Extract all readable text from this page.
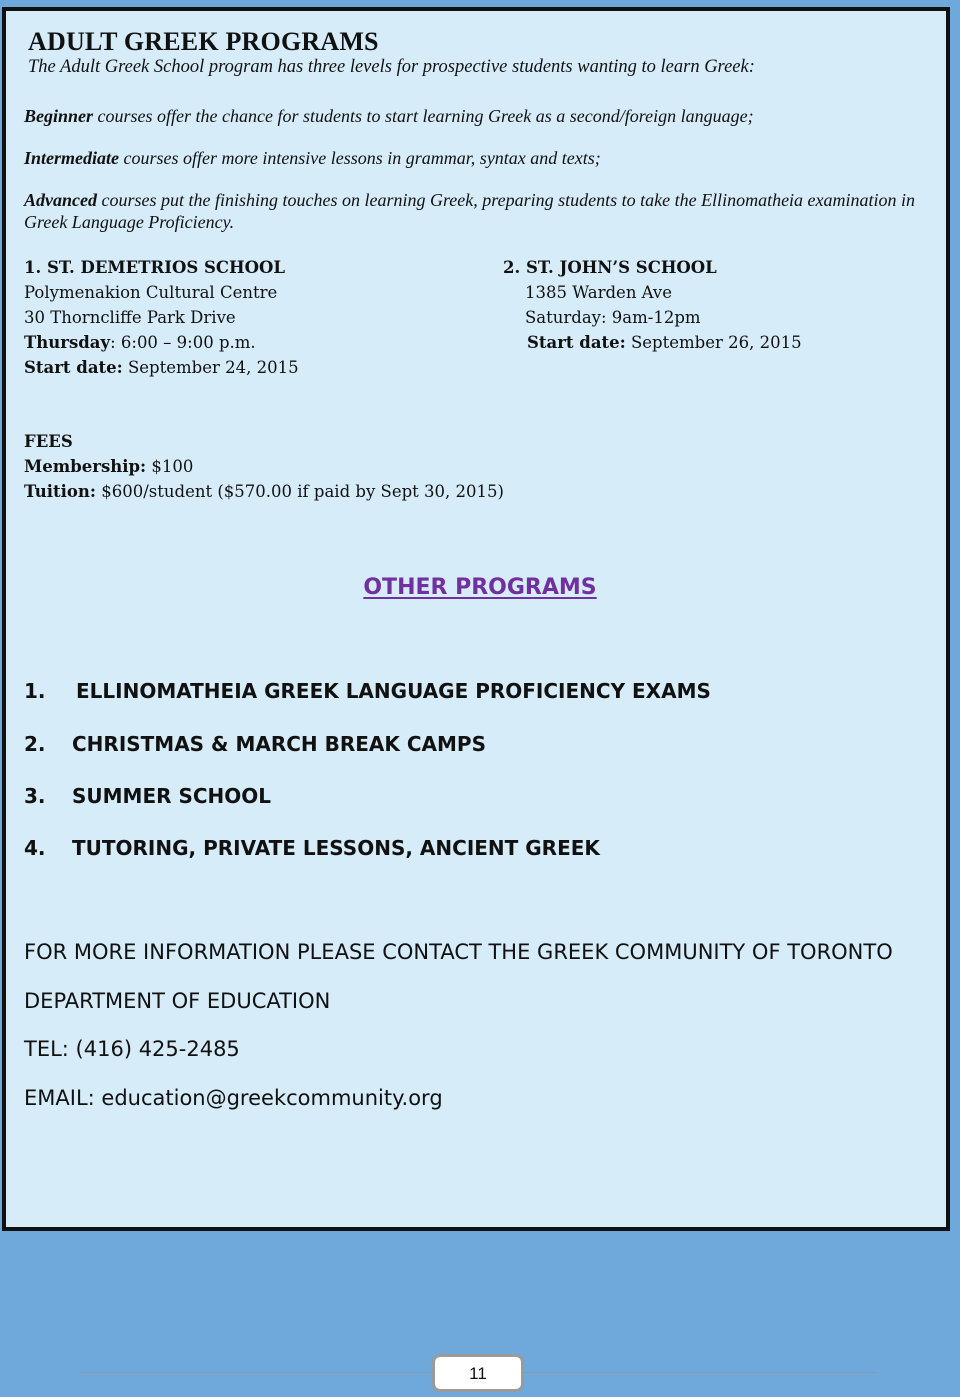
ADULT GREEK PROGRAMS
The Adult Greek School program has three levels for prospective students wanting to learn Greek:
Beginner courses offer the chance for students to start learning Greek as a second/foreign language;
Intermediate courses offer more intensive lessons in grammar, syntax and texts;
Advanced courses put the finishing touches on learning Greek, preparing students to take the Ellinomatheia examination in Greek Language Proficiency.
1. ST. DEMETRIOS SCHOOL
Polymenakion Cultural Centre
30 Thorncliffe Park Drive
Thursday: 6:00 – 9:00 p.m.
Start date: September 24, 2015
2. ST. JOHN’S SCHOOL
1385 Warden Ave
Saturday: 9am-12pm
Start date: September 26, 2015
FEES
Membership: $100
Tuition: $600/student ($570.00 if paid by Sept 30, 2015)
OTHER PROGRAMS
1. ELLINOMATHEIA GREEK LANGUAGE PROFICIENCY EXAMS
2. CHRISTMAS & MARCH BREAK CAMPS
3. SUMMER SCHOOL
4. TUTORING, PRIVATE LESSONS, ANCIENT GREEK
FOR MORE INFORMATION PLEASE CONTACT THE GREEK COMMUNITY OF TORONTO
DEPARTMENT OF EDUCATION
TEL: (416) 425-2485
EMAIL: education@greekcommunity.org
11
